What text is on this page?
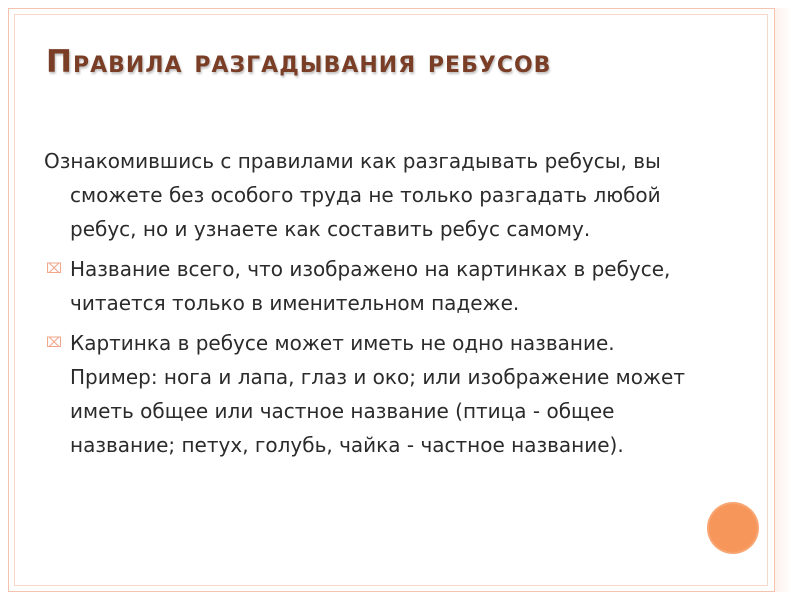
Правила разгадывания ребусов

Ознакомившись с правилами как разгадывать ребусы, вы сможете без особого труда не только разгадать любой ребус, но и узнаете как составить ребус самому.

⌧ Название всего, что изображено на картинках в ребусе, читается только в именительном падеже.

⌧ Картинка в ребусе может иметь не одно название. Пример: нога и лапа, глаз и око; или изображение может иметь общее или частное название (птица - общее название; петух, голубь, чайка - частное название).
